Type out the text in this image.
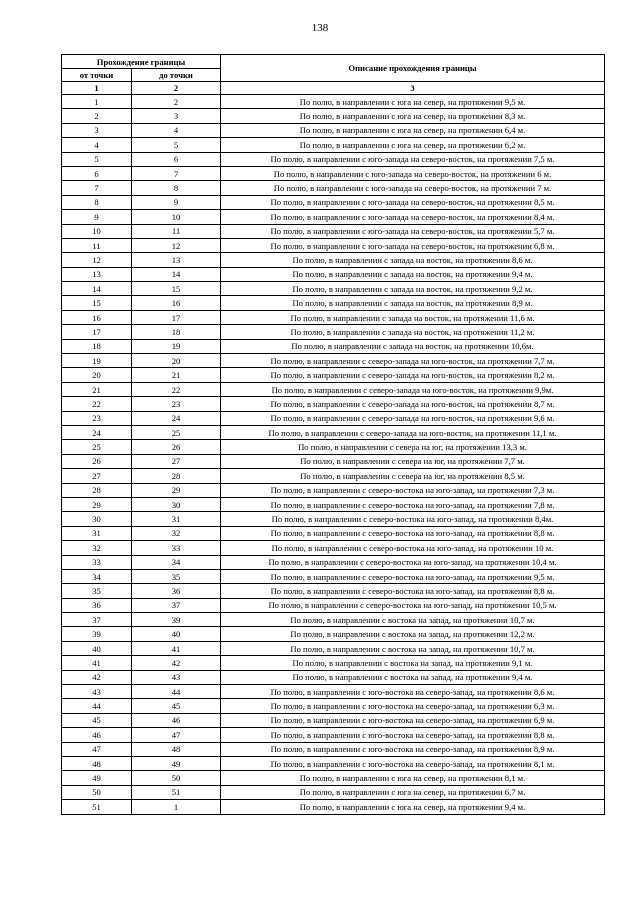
138
Прохождение границы		Описание прохождения границы
от точки	до точки	
1	2	3
1	2	По полю, в направлении с юга на север, на протяжении 9,5 м.
2	3	По полю, в направлении с юга на север, на протяжении 8,3 м.
3	4	По полю, в направлении с юга на север, на протяжении 6,4 м.
4	5	По полю, в направлении с юга на север, на протяжении 6,2 м.
5	6	По полю, в направлении с юго-запада на северо-восток, на протяжении 7,5 м.
6	7	По полю, в направлении с юго-запада на северо-восток, на протяжении 6 м.
7	8	По полю, в направлении с юго-запада на северо-восток, на протяжении 7 м.
8	9	По полю, в направлении с юго-запада на северо-восток, на протяжении 8,5 м.
9	10	По полю, в направлении с юго-запада на северо-восток, на протяжении 8,4 м.
10	11	По полю, в направлении с юго-запада на северо-восток, на протяжении 5,7 м.
11	12	По полю, в направлении с юго-запада на северо-восток, на протяжении 6,8 м.
12	13	По полю, в направлении с запада на восток, на протяжении 8,6 м.
13	14	По полю, в направлении с запада на восток, на протяжении 9,4 м.
14	15	По полю, в направлении с запада на восток, на протяжении 9,2 м.
15	16	По полю, в направлении с запада на восток, на протяжении 8,9 м.
16	17	По полю, в направлении с запада на восток, на протяжении 11,6 м.
17	18	По полю, в направлении с запада на восток, на протяжении 11,2 м.
18	19	По полю, в направлении с запада на восток, на протяжении 10,6м.
19	20	По полю, в направлении с северо-запада на юго-восток, на протяжении 7,7 м.
20	21	По полю, в направлении с северо-запада на юго-восток, на протяжении 8,2 м.
21	22	По полю, в направлении с северо-запада на юго-восток, на протяжении 9,9м.
22	23	По полю, в направлении с северо-запада на юго-восток, на протяжении 8,7 м.
23	24	По полю, в направлении с северо-запада на юго-восток, на протяжении 9,6 м.
24	25	По полю, в направлении с северо-запада на юго-восток, на протяжении 11,1 м.
25	26	По полю, в направлении с севера на юг, на протяжении 13,3 м.
26	27	По полю, в направлении с севера на юг, на протяжении 7,7 м.
27	28	По полю, в направлении с севера на юг, на протяжении 8,5 м.
28	29	По полю, в направлении с северо-востока на юго-запад, на протяжении 7,3 м.
29	30	По полю, в направлении с северо-востока на юго-запад, на протяжении 7,8 м.
30	31	По полю, в направлении с северо-востока на юго-запад, на протяжении 8,4м.
31	32	По полю, в направлении с северо-востока на юго-запад, на протяжении 8,8 м.
32	33	По полю, в направлении с северо-востока на юго-запад, на протяжении 10 м.
33	34	По полю, в направлении с северо-востока на юго-запад, на протяжении 10,4 м.
34	35	По полю, в направлении с северо-востока на юго-запад, на протяжении 9,5 м.
35	36	По полю, в направлении с северо-востока на юго-запад, на протяжении 8,8 м.
36	37	По полю, в направлении с северо-востока на юго-запад, на протяжении 10,5 м.
37	39	По полю, в направлении с востока на запад, на протяжении 10,7 м.
39	40	По полю, в направлении с востока на запад, на протяжении 12,2 м.
40	41	По полю, в направлении с востока на запад, на протяжении 10,7 м.
41	42	По полю, в направлении с востока на запад, на протяжении 9,1 м.
42	43	По полю, в направлении с востока на запад, на протяжении 9,4 м.
43	44	По полю, в направлении с юго-востока на северо-запад, на протяжении 8,6 м.
44	45	По полю, в направлении с юго-востока на северо-запад, на протяжении 6,3 м.
45	46	По полю, в направлении с юго-востока на северо-запад, на протяжении 6,9 м.
46	47	По полю, в направлении с юго-востока на северо-запад, на протяжении 8,8 м.
47	48	По полю, в направлении с юго-востока на северо-запад, на протяжении 8,9 м.
48	49	По полю, в направлении с юго-востока на северо-запад, на протяжении 8,1 м.
49	50	По полю, в направлении с юга на север, на протяжении 8,1 м.
50	51	По полю, в направлении с юга на север, на протяжении 6,7 м.
51	1	По полю, в направлении с юга на север, на протяжении 9,4 м.
